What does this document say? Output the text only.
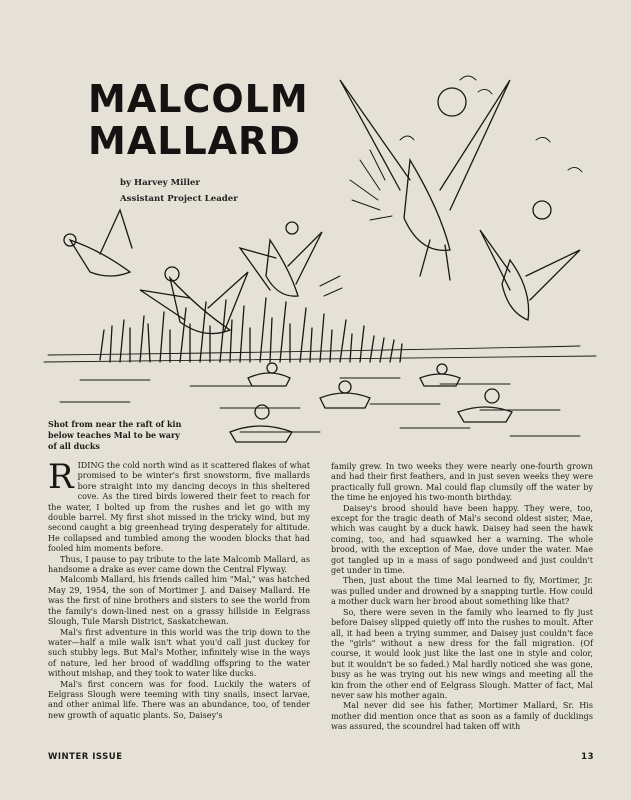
MALCOLM
MALLARD
by Harvey Miller
Assistant Project Leader
Shot from near the raft of kin below teaches Mal to be wary of all ducks

RIDING the cold north wind as it scattered flakes of what promised to be winter's first snowstorm, five mallards bore straight into my dancing decoys in this sheltered cove. As the tired birds lowered their feet to reach for the water, I bolted up from the rushes and let go with my double barrel. My first shot missed in the tricky wind, but my second caught a big greenhead trying desperately for altitude. He collapsed and tumbled among the wooden blocks that had fooled him moments before.

Thus, I pause to pay tribute to the late Malcomb Mallard, as handsome a drake as ever came down the Central Flyway.

Malcomb Mallard, his friends called him "Mal," was hatched May 29, 1954, the son of Mortimer J. and Daisey Mallard. He was the first of nine brothers and sisters to see the world from the family's down-lined nest on a grassy hillside in Eelgrass Slough, Tule Marsh District, Saskatchewan.

Mal's first adventure in this world was the trip down to the water—half a mile walk isn't what you'd call just duckey for such stubby legs. But Mal's Mother, infinitely wise in the ways of nature, led her brood of waddling offspring to the water without mishap, and they took to water like ducks.

Mal's first concern was for food. Luckily the waters of Eelgrass Slough were teeming with tiny snails, insect larvae, and other animal life. There was an abundance, too, of tender new growth of aquatic plants. So, Daisey's

family grew. In two weeks they were nearly one-fourth grown and had their first feathers, and in just seven weeks they were practically full grown. Mal could flap clumsily off the water by the time he enjoyed his two-month birthday.

Daisey's brood should have been happy. They were, too, except for the tragic death of Mal's second oldest sister, Mae, which was caught by a duck hawk. Daisey had seen the hawk coming, too, and had squawked her a warning. The whole brood, with the exception of Mae, dove under the water. Mae got tangled up in a mass of sago pondweed and just couldn't get under in time.

Then, just about the time Mal learned to fly, Mortimer, Jr. was pulled under and drowned by a snapping turtle. How could a mother duck warn her brood about something like that?

So, there were seven in the family who learned to fly just before Daisey slipped quietly off into the rushes to moult. After all, it had been a trying summer, and Daisey just couldn't face the "girls" without a new dress for the fall migration. (Of course, it would look just like the last one in style and color, but it wouldn't be so faded.) Mal hardly noticed she was gone, busy as he was trying out his new wings and meeting all the kin from the other end of Eelgrass Slough. Matter of fact, Mal never saw his mother again.

Mal never did see his father, Mortimer Mallard, Sr. His mother did mention once that as soon as a family of ducklings was assured, the scoundrel had taken off with

WINTER ISSUE	13
